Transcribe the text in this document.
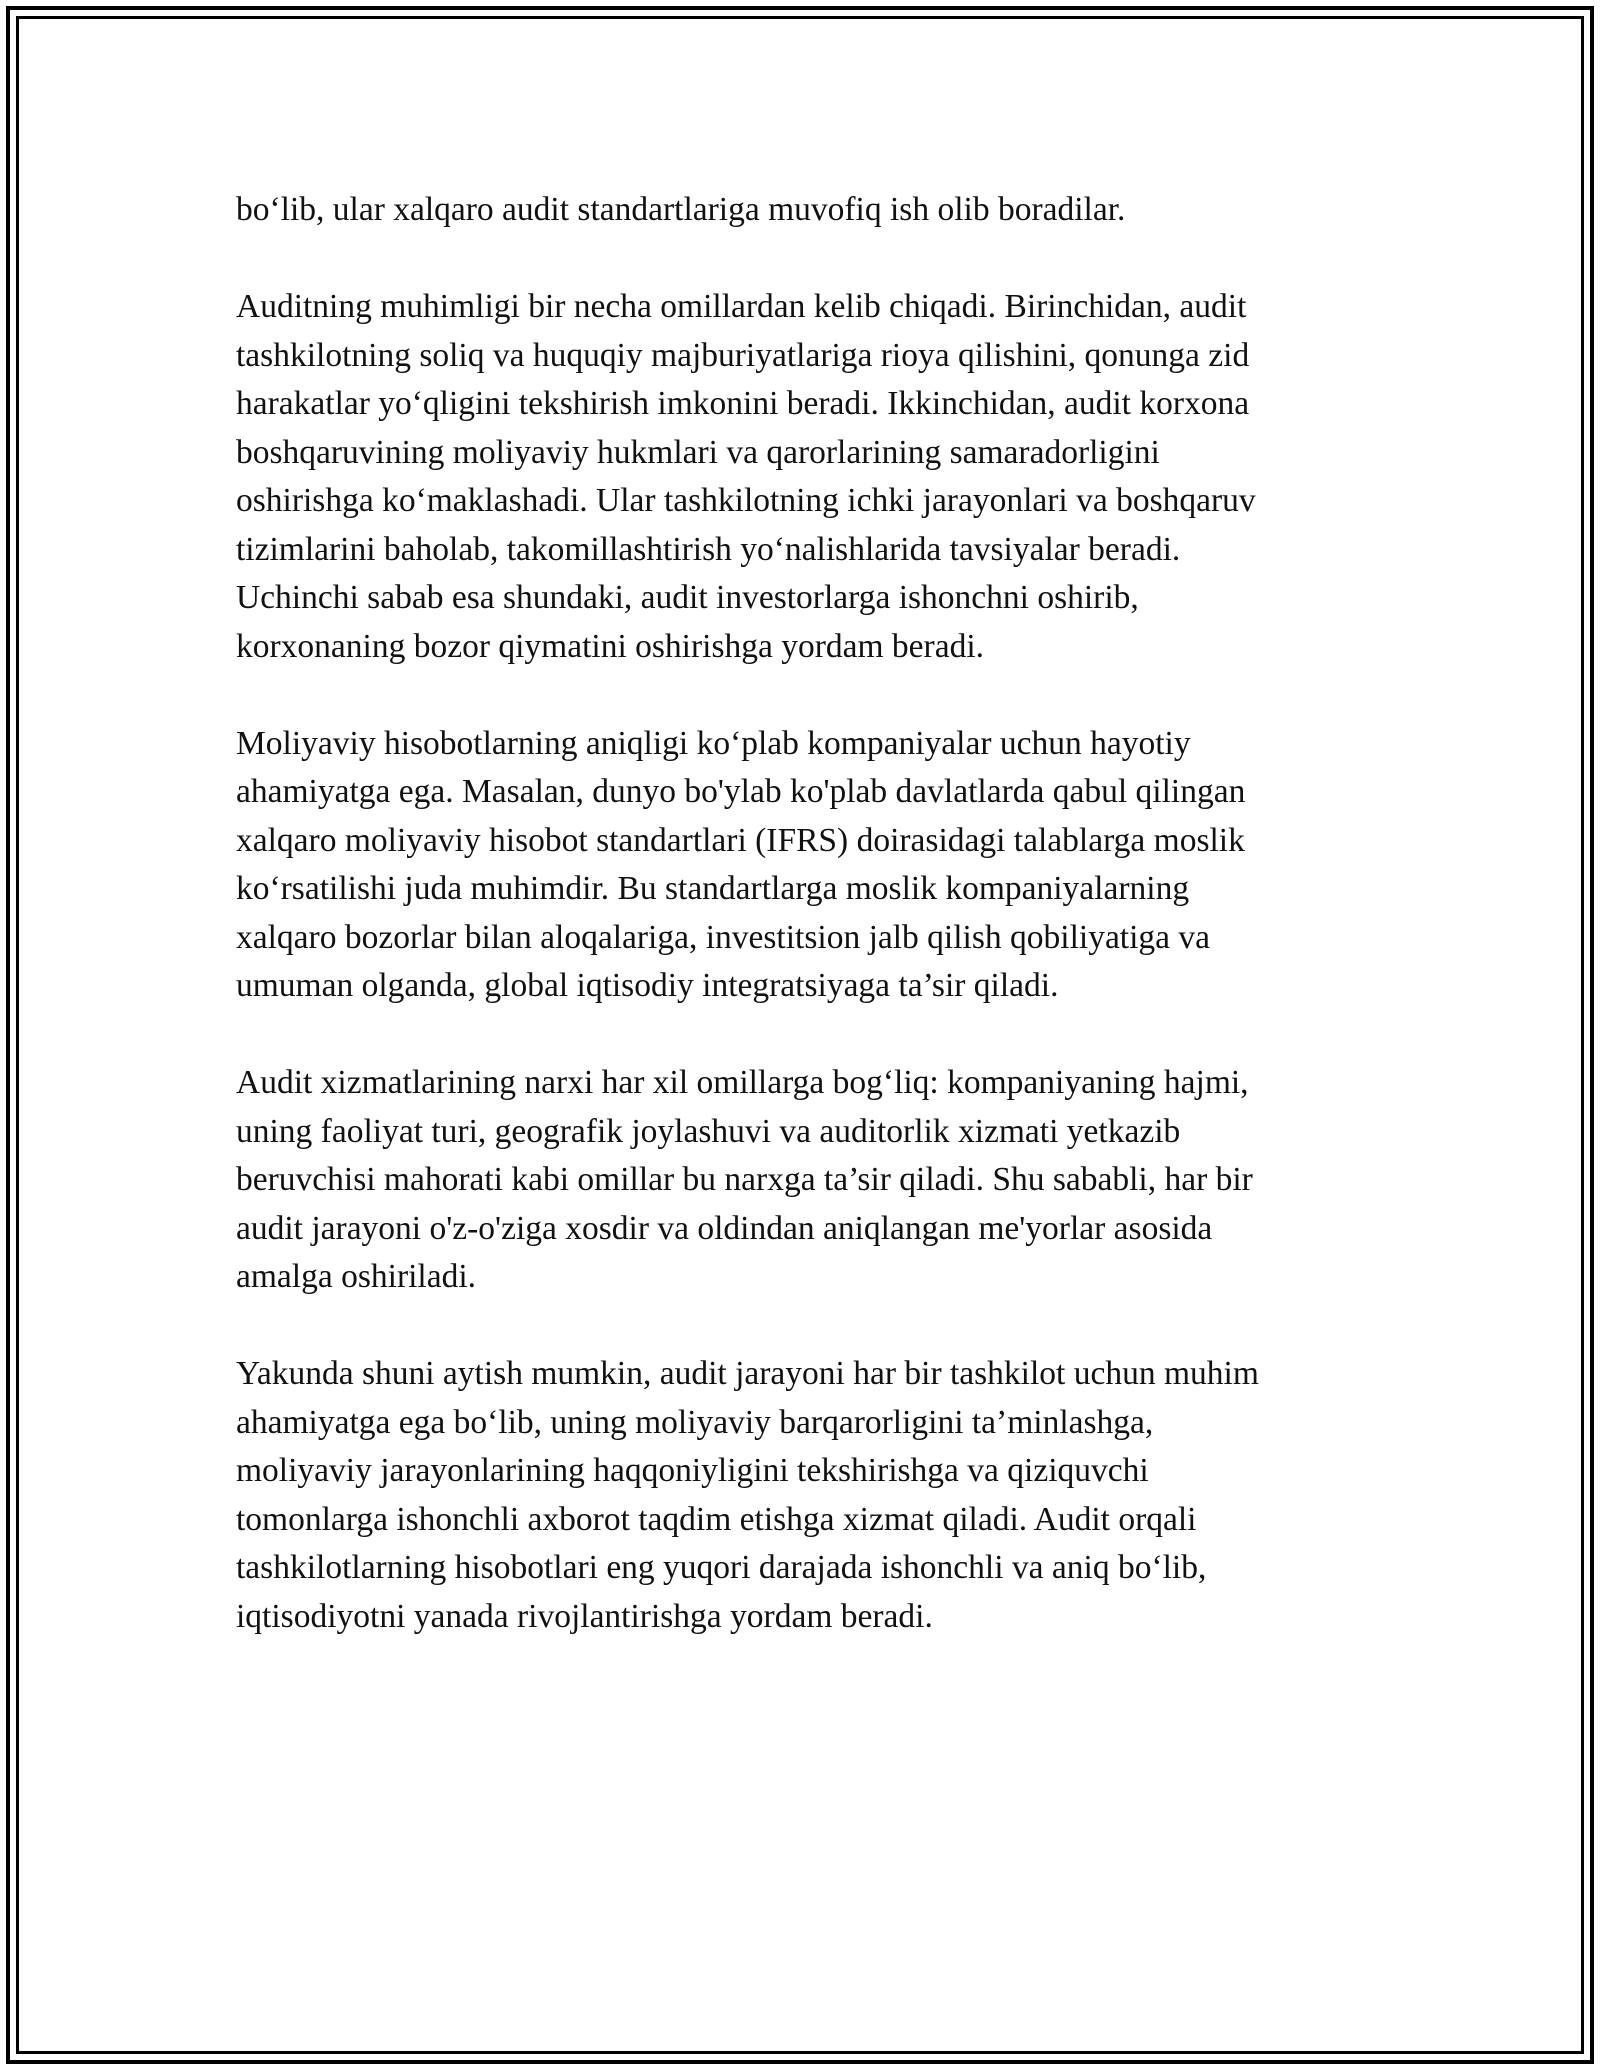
bo‘lib, ular xalqaro audit standartlariga muvofiq ish olib boradilar.

Auditning muhimligi bir necha omillardan kelib chiqadi. Birinchidan, audit
tashkilotning soliq va huquqiy majburiyatlariga rioya qilishini, qonunga zid
harakatlar yo‘qligini tekshirish imkonini beradi. Ikkinchidan, audit korxona
boshqaruvining moliyaviy hukmlari va qarorlarining samaradorligini
oshirishga ko‘maklashadi. Ular tashkilotning ichki jarayonlari va boshqaruv
tizimlarini baholab, takomillashtirish yo‘nalishlarida tavsiyalar beradi.
Uchinchi sabab esa shundaki, audit investorlarga ishonchni oshirib,
korxonaning bozor qiymatini oshirishga yordam beradi.

Moliyaviy hisobotlarning aniqligi ko‘plab kompaniyalar uchun hayotiy
ahamiyatga ega. Masalan, dunyo bo'ylab ko'plab davlatlarda qabul qilingan
xalqaro moliyaviy hisobot standartlari (IFRS) doirasidagi talablarga moslik
ko‘rsatilishi juda muhimdir. Bu standartlarga moslik kompaniyalarning
xalqaro bozorlar bilan aloqalariga, investitsion jalb qilish qobiliyatiga va
umuman olganda, global iqtisodiy integratsiyaga ta’sir qiladi.

Audit xizmatlarining narxi har xil omillarga bog‘liq: kompaniyaning hajmi,
uning faoliyat turi, geografik joylashuvi va auditorlik xizmati yetkazib
beruvchisi mahorati kabi omillar bu narxga ta’sir qiladi. Shu sababli, har bir
audit jarayoni o'z-o'ziga xosdir va oldindan aniqlangan me'yorlar asosida
amalga oshiriladi.

Yakunda shuni aytish mumkin, audit jarayoni har bir tashkilot uchun muhim
ahamiyatga ega bo‘lib, uning moliyaviy barqarorligini ta’minlashga,
moliyaviy jarayonlarining haqqoniyligini tekshirishga va qiziquvchi
tomonlarga ishonchli axborot taqdim etishga xizmat qiladi. Audit orqali
tashkilotlarning hisobotlari eng yuqori darajada ishonchli va aniq bo‘lib,
iqtisodiyotni yanada rivojlantirishga yordam beradi.
